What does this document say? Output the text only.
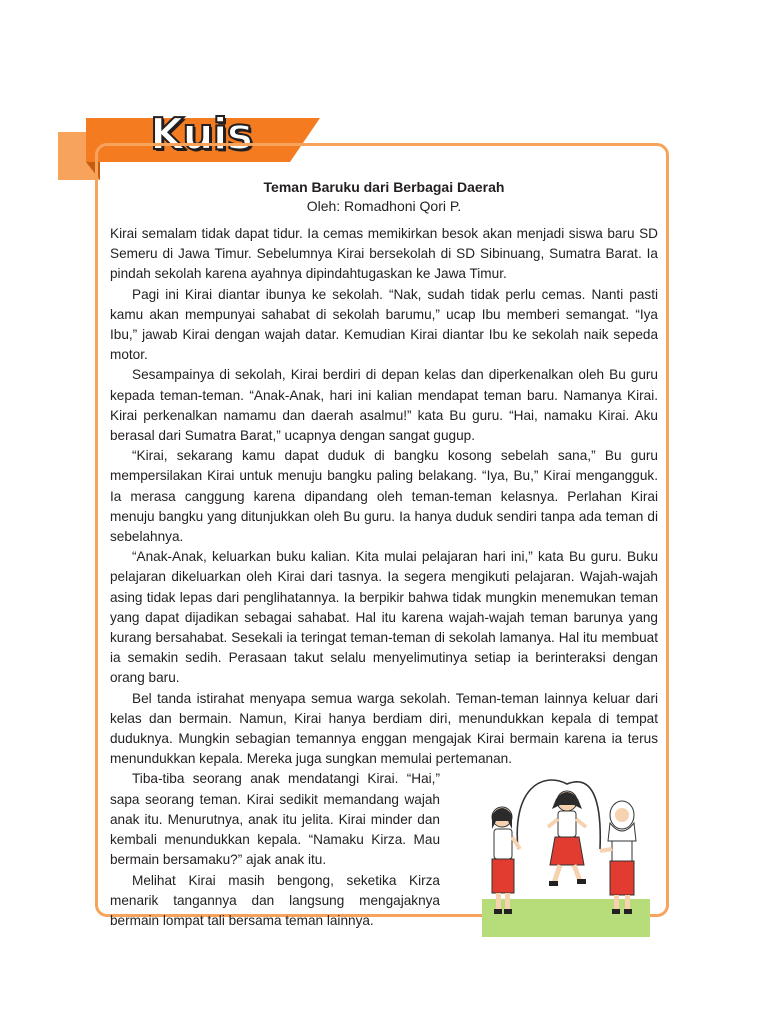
Kuis
Teman Baruku dari Berbagai Daerah
Oleh: Romadhoni Qori P.

Kirai semalam tidak dapat tidur. Ia cemas memikirkan besok akan menjadi siswa baru SD Semeru di Jawa Timur. Sebelumnya Kirai bersekolah di SD Sibinuang, Sumatra Barat. Ia pindah sekolah karena ayahnya dipindahtugaskan ke Jawa Timur.

Pagi ini Kirai diantar ibunya ke sekolah. “Nak, sudah tidak perlu cemas. Nanti pasti kamu akan mempunyai sahabat di sekolah barumu,” ucap Ibu memberi semangat. “Iya Ibu,” jawab Kirai dengan wajah datar. Kemudian Kirai diantar Ibu ke sekolah naik sepeda motor.

Sesampainya di sekolah, Kirai berdiri di depan kelas dan diperkenalkan oleh Bu guru kepada teman-teman. “Anak-Anak, hari ini kalian mendapat teman baru. Namanya Kirai. Kirai perkenalkan namamu dan daerah asalmu!” kata Bu guru. “Hai, namaku Kirai. Aku berasal dari Sumatra Barat,” ucapnya dengan sangat gugup.

“Kirai, sekarang kamu dapat duduk di bangku kosong sebelah sana,” Bu guru mempersilakan Kirai untuk menuju bangku paling belakang. “Iya, Bu,” Kirai mengangguk. Ia merasa canggung karena dipandang oleh teman-teman kelasnya. Perlahan Kirai menuju bangku yang ditunjukkan oleh Bu guru. Ia hanya duduk sendiri tanpa ada teman di sebelahnya.

“Anak-Anak, keluarkan buku kalian. Kita mulai pelajaran hari ini,” kata Bu guru. Buku pelajaran dikeluarkan oleh Kirai dari tasnya. Ia segera mengikuti pelajaran. Wajah-wajah asing tidak lepas dari penglihatannya. Ia berpikir bahwa tidak mungkin menemukan teman yang dapat dijadikan sebagai sahabat. Hal itu karena wajah-wajah teman barunya yang kurang bersahabat. Sesekali ia teringat teman-teman di sekolah lamanya. Hal itu membuat ia semakin sedih. Perasaan takut selalu menyelimutinya setiap ia berinteraksi dengan orang baru.

Bel tanda istirahat menyapa semua warga sekolah. Teman-teman lainnya keluar dari kelas dan bermain. Namun, Kirai hanya berdiam diri, menundukkan kepala di tempat duduknya. Mungkin sebagian temannya enggan mengajak Kirai bermain karena ia terus menundukkan kepala. Mereka juga sungkan memulai pertemanan.

Tiba-tiba seorang anak mendatangi Kirai. “Hai,” sapa seorang teman. Kirai sedikit memandang wajah anak itu. Menurutnya, anak itu jelita. Kirai minder dan kembali menundukkan kepala. “Namaku Kirza. Mau bermain bersamaku?” ajak anak itu.

Melihat Kirai masih bengong, seketika Kirza menarik tangannya dan langsung mengajaknya bermain lompat tali bersama teman lainnya.
